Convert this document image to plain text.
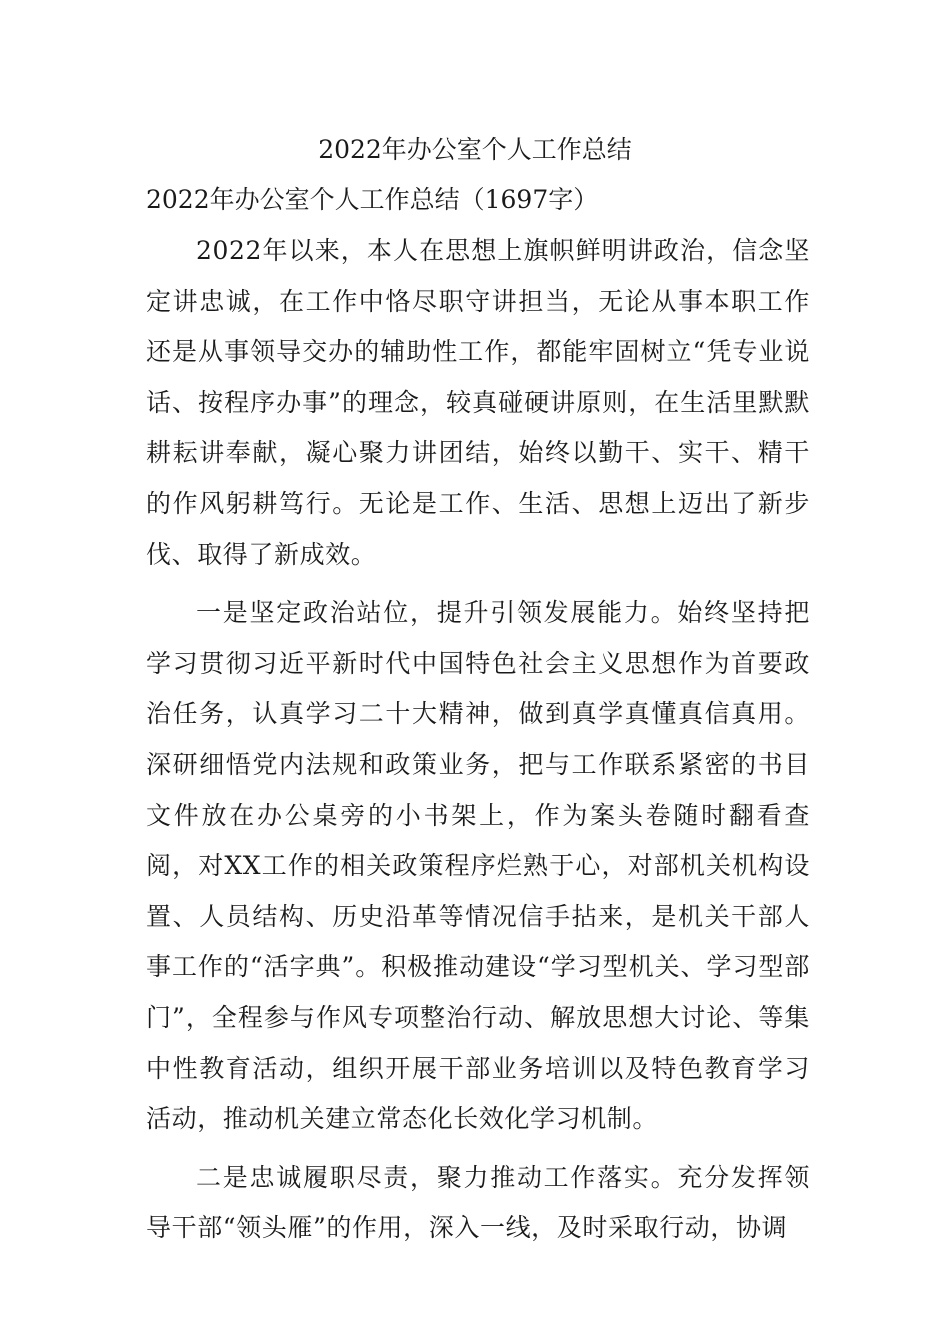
2022年办公室个人工作总结
2022年办公室个人工作总结（1697字）

2022年以来，本人在思想上旗帜鲜明讲政治，信念坚定讲忠诚，在工作中恪尽职守讲担当，无论从事本职工作还是从事领导交办的辅助性工作，都能牢固树立“凭专业说话、按程序办事”的理念，较真碰硬讲原则，在生活里默默耕耘讲奉献，凝心聚力讲团结，始终以勤干、实干、精干的作风躬耕笃行。无论是工作、生活、思想上迈出了新步伐、取得了新成效。

一是坚定政治站位，提升引领发展能力。始终坚持把学习贯彻习近平新时代中国特色社会主义思想作为首要政治任务，认真学习二十大精神，做到真学真懂真信真用。深研细悟党内法规和政策业务，把与工作联系紧密的书目文件放在办公桌旁的小书架上，作为案头卷随时翻看查阅，对XX工作的相关政策程序烂熟于心，对部机关机构设置、人员结构、历史沿革等情况信手拈来，是机关干部人事工作的“活字典”。积极推动建设“学习型机关、学习型部门”，全程参与作风专项整治行动、解放思想大讨论、等集中性教育活动，组织开展干部业务培训以及特色教育学习活动，推动机关建立常态化长效化学习机制。

二是忠诚履职尽责，聚力推动工作落实。充分发挥领导干部“领头雁”的作用，深入一线，及时采取行动，协调
